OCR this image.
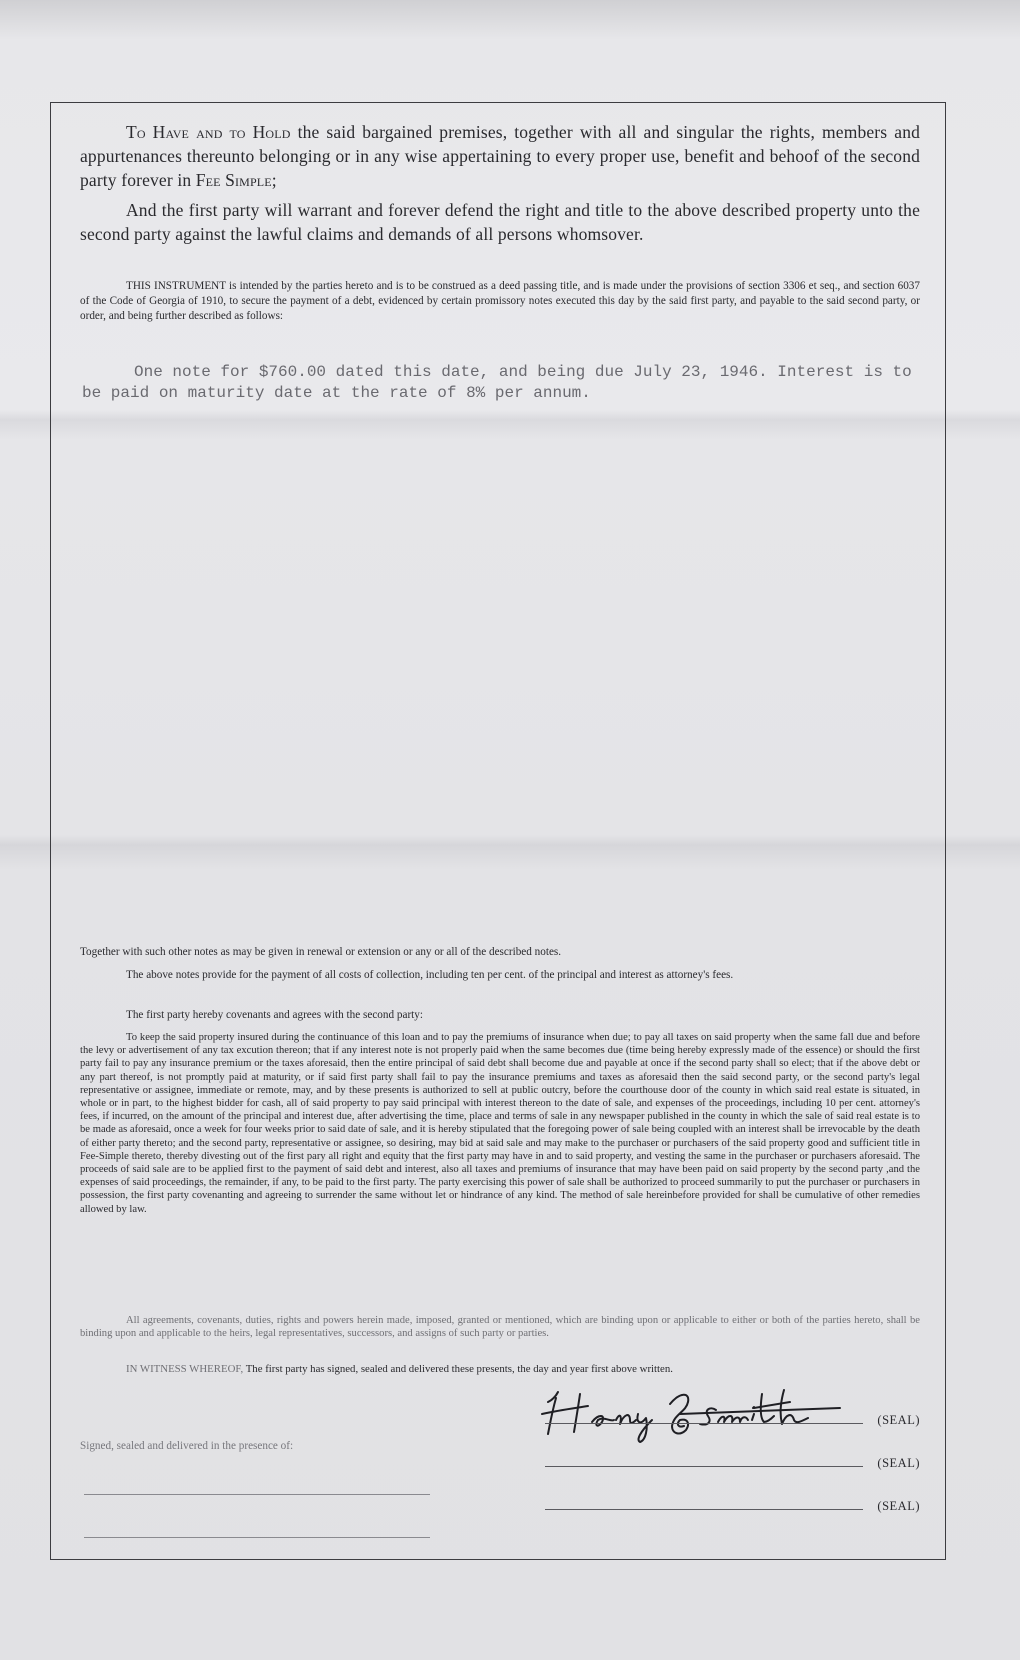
To Have and to Hold the said bargained premises, together with all and singular the rights, members and appurtenances thereunto belonging or in any wise appertaining to every proper use, benefit and behoof of the second party forever in Fee Simple;

And the first party will warrant and forever defend the right and title to the above described property unto the second party against the lawful claims and demands of all persons whomsover.

THIS INSTRUMENT is intended by the parties hereto and is to be construed as a deed passing title, and is made under the provisions of section 3306 et seq., and section 6037 of the Code of Georgia of 1910, to secure the payment of a debt, evidenced by certain promissory notes executed this day by the said first party, and payable to the said second party, or order, and being further described as follows:

One note for $760.00 dated this date, and being due July 23, 1946. Interest is to be paid on maturity date at the rate of 8% per annum.

Together with such other notes as may be given in renewal or extension or any or all of the described notes.

The above notes provide for the payment of all costs of collection, including ten per cent. of the principal and interest as attorney's fees.

The first party hereby covenants and agrees with the second party:

To keep the said property insured during the continuance of this loan and to pay the premiums of insurance when due; to pay all taxes on said property when the same fall due and before the levy or advertisement of any tax excution thereon; that if any interest note is not properly paid when the same becomes due (time being hereby expressly made of the essence) or should the first party fail to pay any insurance premium or the taxes aforesaid, then the entire principal of said debt shall become due and payable at once if the second party shall so elect; that if the above debt or any part thereof, is not promptly paid at maturity, or if said first party shall fail to pay the insurance premiums and taxes as aforesaid then the said second party, or the second party's legal representative or assignee, immediate or remote, may, and by these presents is authorized to sell at public outcry, before the courthouse door of the county in which said real estate is situated, in whole or in part, to the highest bidder for cash, all of said property to pay said principal with interest thereon to the date of sale, and expenses of the proceedings, including 10 per cent. attorney's fees, if incurred, on the amount of the principal and interest due, after advertising the time, place and terms of sale in any newspaper published in the county in which the sale of said real estate is to be made as aforesaid, once a week for four weeks prior to said date of sale, and it is hereby stipulated that the foregoing power of sale being coupled with an interest shall be irrevocable by the death of either party thereto; and the second party, representative or assignee, so desiring, may bid at said sale and may make to the purchaser or purchasers of the said property good and sufficient title in Fee-Simple thereto, thereby divesting out of the first pary all right and equity that the first party may have in and to said property, and vesting the same in the purchaser or purchasers aforesaid. The proceeds of said sale are to be applied first to the payment of said debt and interest, also all taxes and premiums of insurance that may have been paid on said property by the second party ,and the expenses of said proceedings, the remainder, if any, to be paid to the first party. The party exercising this power of sale shall be authorized to proceed summarily to put the purchaser or purchasers in possession, the first party covenanting and agreeing to surrender the same without let or hindrance of any kind. The method of sale hereinbefore provided for shall be cumulative of other remedies allowed by law.

All agreements, covenants, duties, rights and powers herein made, imposed, granted or mentioned, which are binding upon or applicable to either or both of the parties hereto, shall be binding upon and applicable to the heirs, legal representatives, successors, and assigns of such party or parties.

IN WITNESS WHEREOF, The first party has signed, sealed and delivered these presents, the day and year first above written.

(SEAL)
Signed, sealed and delivered in the presence of:
(SEAL)
(SEAL)
